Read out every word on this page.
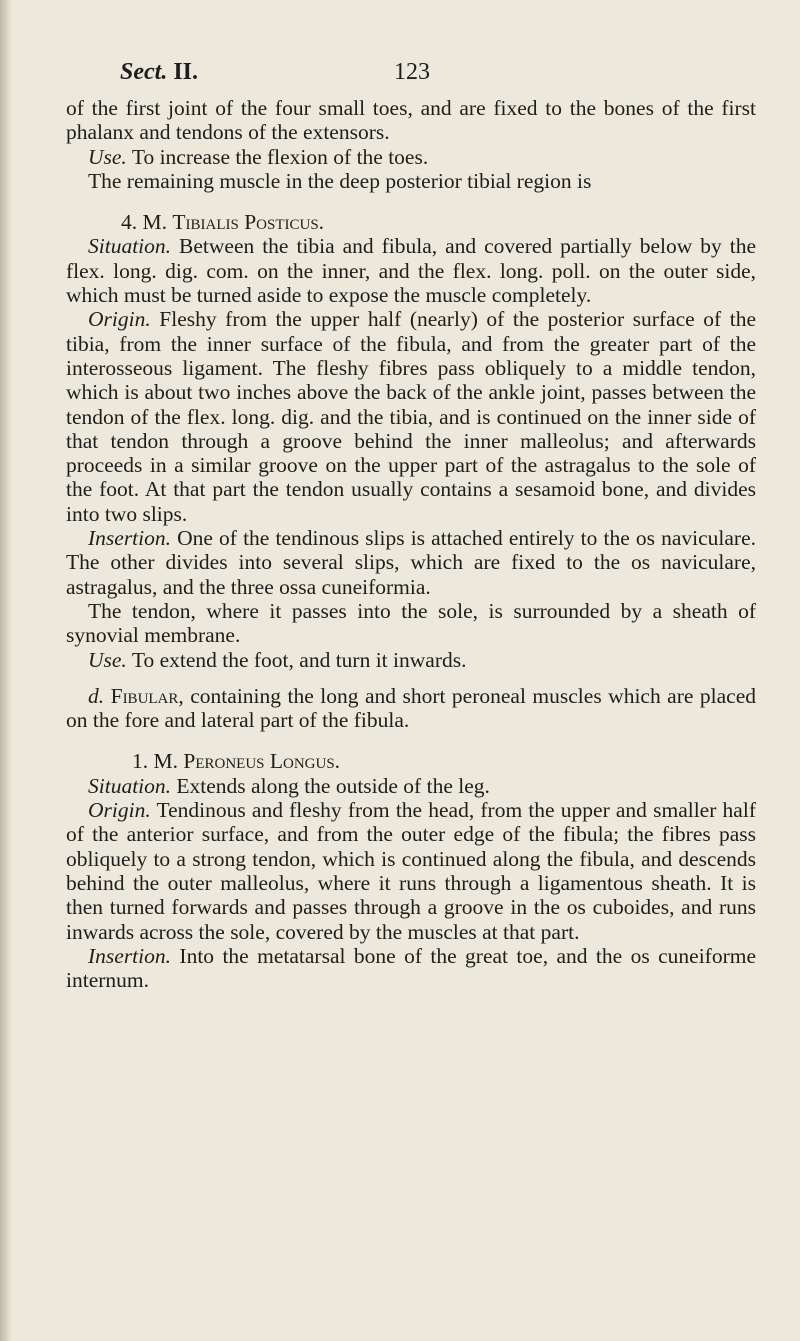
Sect. II.	123

of the first joint of the four small toes, and are fixed to the bones of the first phalanx and tendons of the extensors.

Use. To increase the flexion of the toes.

The remaining muscle in the deep posterior tibial region is

4. M. Tibialis Posticus.

Situation. Between the tibia and fibula, and covered partially below by the flex. long. dig. com. on the inner, and the flex. long. poll. on the outer side, which must be turned aside to expose the muscle completely.

Origin. Fleshy from the upper half (nearly) of the posterior surface of the tibia, from the inner surface of the fibula, and from the greater part of the interosseous ligament. The fleshy fibres pass obliquely to a middle tendon, which is about two inches above the back of the ankle joint, passes between the tendon of the flex. long. dig. and the tibia, and is continued on the inner side of that tendon through a groove behind the inner malleolus; and afterwards proceeds in a similar groove on the upper part of the astragalus to the sole of the foot. At that part the tendon usually contains a sesamoid bone, and divides into two slips.

Insertion. One of the tendinous slips is attached entirely to the os naviculare. The other divides into several slips, which are fixed to the os naviculare, astragalus, and the three ossa cuneiformia.

The tendon, where it passes into the sole, is surrounded by a sheath of synovial membrane.

Use. To extend the foot, and turn it inwards.

d. Fibular, containing the long and short peroneal muscles which are placed on the fore and lateral part of the fibula.

1. M. Peroneus Longus.

Situation. Extends along the outside of the leg.

Origin. Tendinous and fleshy from the head, from the upper and smaller half of the anterior surface, and from the outer edge of the fibula; the fibres pass obliquely to a strong tendon, which is continued along the fibula, and descends behind the outer malleolus, where it runs through a ligamentous sheath. It is then turned forwards and passes through a groove in the os cuboides, and runs inwards across the sole, covered by the muscles at that part.

Insertion. Into the metatarsal bone of the great toe, and the os cuneiforme internum.
